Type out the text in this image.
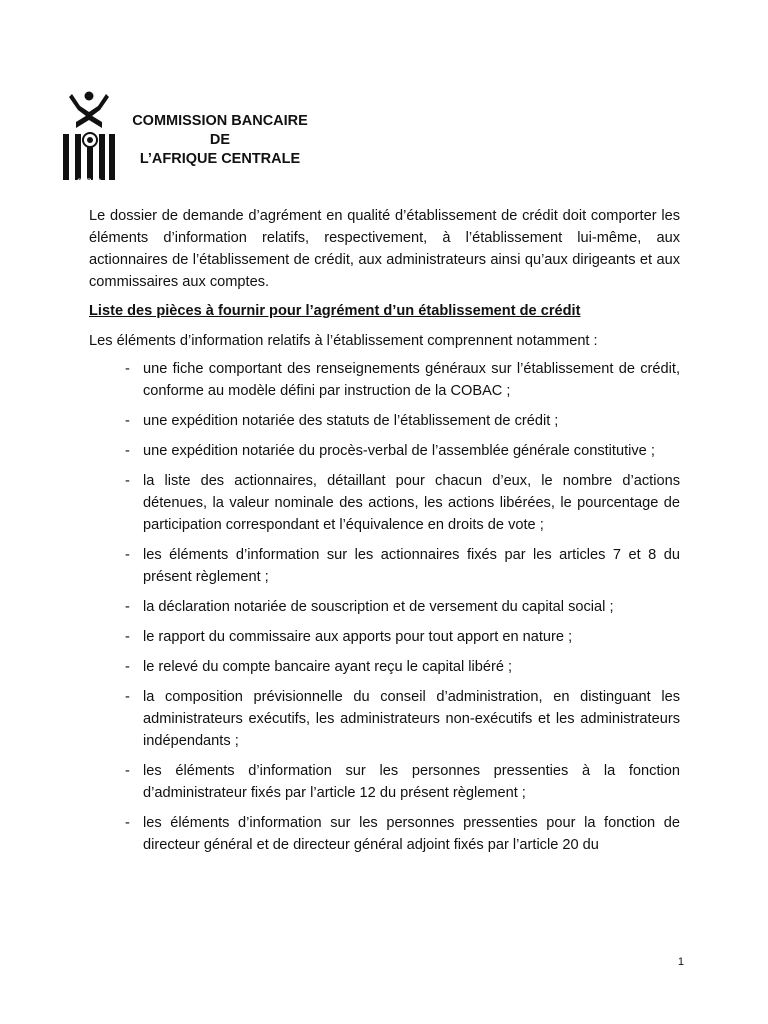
COBAC
COMMISSION BANCAIRE
DE
L’AFRIQUE CENTRALE

Le dossier de demande d’agrément en qualité d’établissement de crédit doit comporter les éléments d’information relatifs, respectivement, à l’établissement lui-même, aux actionnaires de l’établissement de crédit, aux administrateurs ainsi qu’aux dirigeants et aux commissaires aux comptes.

Liste des pièces à fournir pour l’agrément d’un établissement de crédit

Les éléments d’information relatifs à l’établissement comprennent notamment :

- une fiche comportant des renseignements généraux sur l’établissement de crédit, conforme au modèle défini par instruction de la COBAC ;
- une expédition notariée des statuts de l’établissement de crédit ;
- une expédition notariée du procès-verbal de l’assemblée générale constitutive ;
- la liste des actionnaires, détaillant pour chacun d’eux, le nombre d’actions détenues, la valeur nominale des actions, les actions libérées, le pourcentage de participation correspondant et l’équivalence en droits de vote ;
- les éléments d’information sur les actionnaires fixés par les articles 7 et 8 du présent règlement ;
- la déclaration notariée de souscription et de versement du capital social ;
- le rapport du commissaire aux apports pour tout apport en nature ;
- le relevé du compte bancaire ayant reçu le capital libéré ;
- la composition prévisionnelle du conseil d’administration, en distinguant les administrateurs exécutifs, les administrateurs non-exécutifs et les administrateurs indépendants ;
- les éléments d’information sur les personnes pressenties à la fonction d’administrateur fixés par l’article 12 du présent règlement ;
- les éléments d’information sur les personnes pressenties pour la fonction de directeur général et de directeur général adjoint fixés par l’article 20 du
1
